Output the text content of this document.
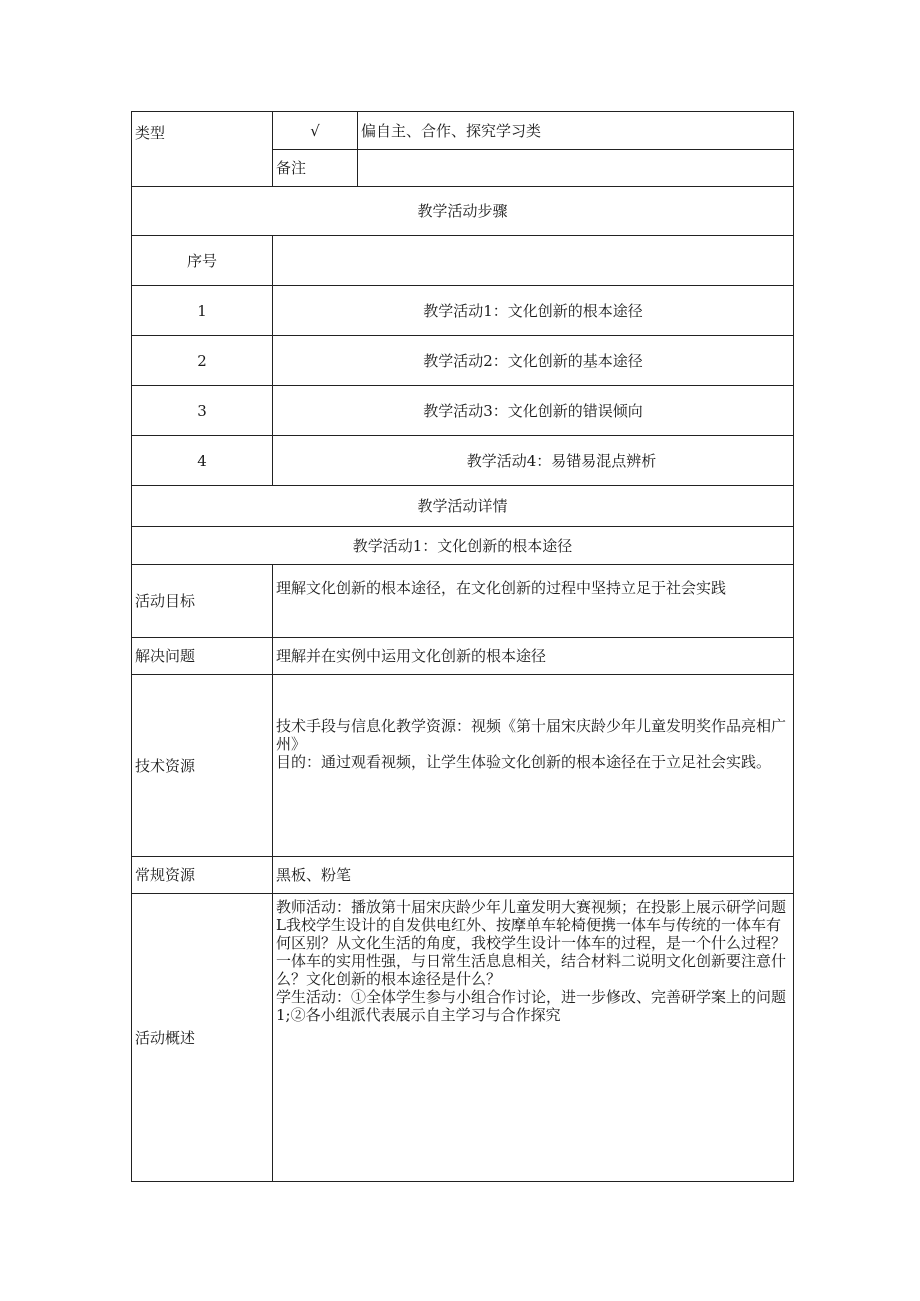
类型	√	偏自主、合作、探究学习类
	备注	
教学活动步骤		
序号		
1	教学活动1：文化创新的根本途径	
2	教学活动2：文化创新的基本途径	
3	教学活动3：文化创新的错误倾向	
4	教学活动4：易错易混点辨析	
教学活动详情		
教学活动1：文化创新的根本途径		
活动目标	理解文化创新的根本途径，在文化创新的过程中坚持立足于社会实践	
解决问题	理解并在实例中运用文化创新的根本途径	
技术资源	技术手段与信息化教学资源：视频《第十届宋庆龄少年儿童发明奖作品亮相广州》
目的：通过观看视频，让学生体验文化创新的根本途径在于立足社会实践。	

常规资源	黑板、粉笔	
活动概述	教师活动：播放第十届宋庆龄少年儿童发明大赛视频；在投影上展示研学问题L我校学生设计的自发供电红外、按摩单车轮椅便携一体车与传统的一体车有何区别？从文化生活的角度，我校学生设计一体车的过程，是一个什么过程？一体车的实用性强，与日常生活息息相关，结合材料二说明文化创新要注意什么？文化创新的根本途径是什么？
学生活动：①全体学生参与小组合作讨论，进一步修改、完善研学案上的问题1;②各小组派代表展示自主学习与合作探究	
